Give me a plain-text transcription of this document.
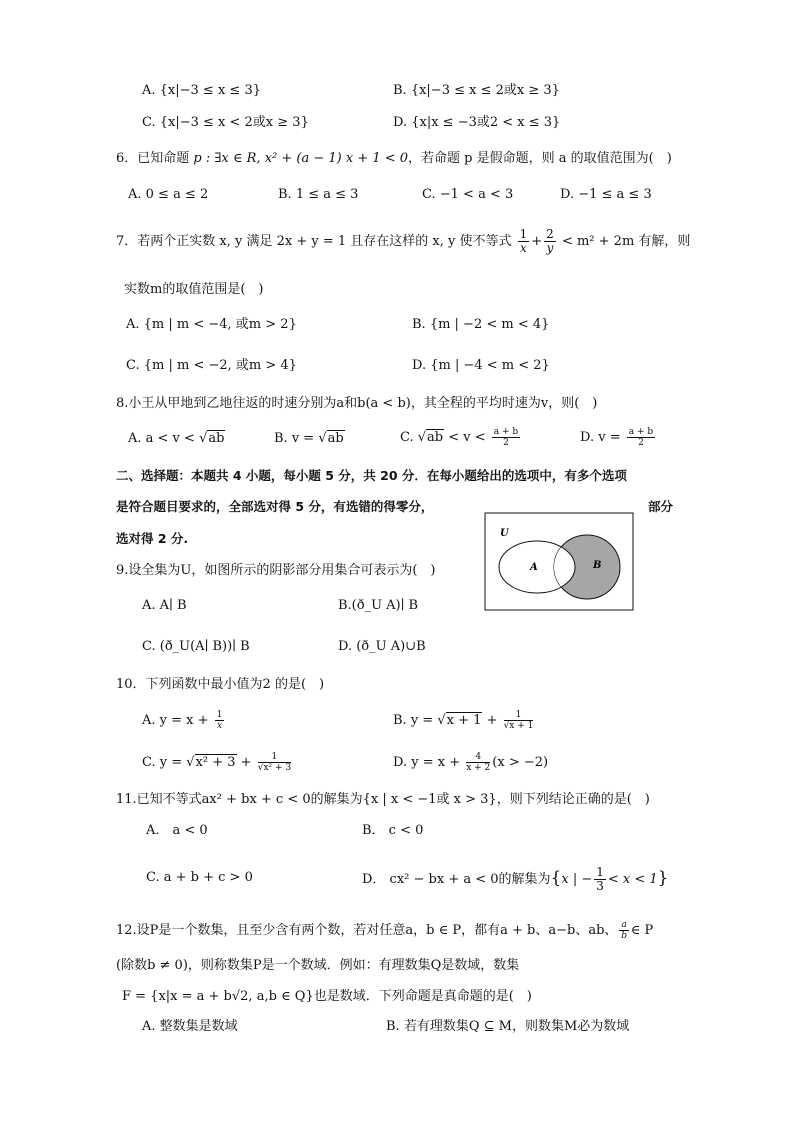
A. {x|−3 ≤ x ≤ 3}	B. {x|−3 ≤ x ≤ 2或x ≥ 3}
C. {x|−3 ≤ x < 2或x ≥ 3}	D. {x|x ≤ −3或2 < x ≤ 3}
6．已知命题 p : ∃x ∈ R, x² + (a − 1) x + 1 < 0，若命题 p 是假命题，则 a 的取值范围为(　)
A. 0 ≤ a ≤ 2	B. 1 ≤ a ≤ 3	C. −1 < a < 3	D. −1 ≤ a ≤ 3
7．若两个正实数 x, y 满足 2x + y = 1 且存在这样的 x, y 使不等式 $\frac{1}{x} + \frac{2}{y} < m^2 + 2m$ 有解，则
实数m的取值范围是(　)
A. {m | m < −4, 或m > 2}	B. {m | −2 < m < 4}
C. {m | m < −2, 或m > 4}	D. {m | −4 < m < 2}
8.小王从甲地到乙地往返的时速分别为a和b(a < b)，其全程的平均时速为v，则(　)
A. a < v < √ab	B. v = √ab	C. $√ab < v < \frac{a + b}{2}$	D. $v = \frac{a + b}{2}$
二、选择题：本题共 4 小题，每小题 5 分，共 20 分．在每小题给出的选项中，有多个选项
是符合题目要求的，全部选对得 5 分，有选错的得零分，	部分
选对得 2 分.	U
A	B
9.设全集为U，如图所示的阴影部分用集合可表示为(　)
A. A∣ B	B.(ð_U A)∣ B
C. (ð_U(A∣ B))∣ B	D. (ð_U A)∪B
10．下列函数中最小值为2 的是(　)
A. $y = x + \frac{1}{x}$	B. $y = √x + 1 + \frac{1}{√x + 1}$
C. $y = √x^2 + 3 + \frac{1}{\text{√x² + 3}}$	D. $y = x + \frac{4}{x + 2} (x > -2)$
11.已知不等式ax² + bx + c < 0的解集为{x | x < −1或 x > 3}，则下列结论正确的是(　)
A． a < 0	B． c < 0
C. a + b + c > 0	D． cx² − bx + a < 0的解集为{x | − $\frac{1}{3} < x < 1$}
12.设P是一个数集，且至少含有两个数，若对任意a，b ∈ P，都有a + b、a−b、ab、 $\frac{a}{b}$ ∈ P
(除数b ≠ 0)，则称数集P是一个数域．例如：有理数集Q是数域，数集
F = {x|x = a + b√2, a,b ∈ Q}也是数域．下列命题是真命题的是(　)
A. 整数集是数域	B. 若有理数集Q ⊆ M，则数集M必为数域
